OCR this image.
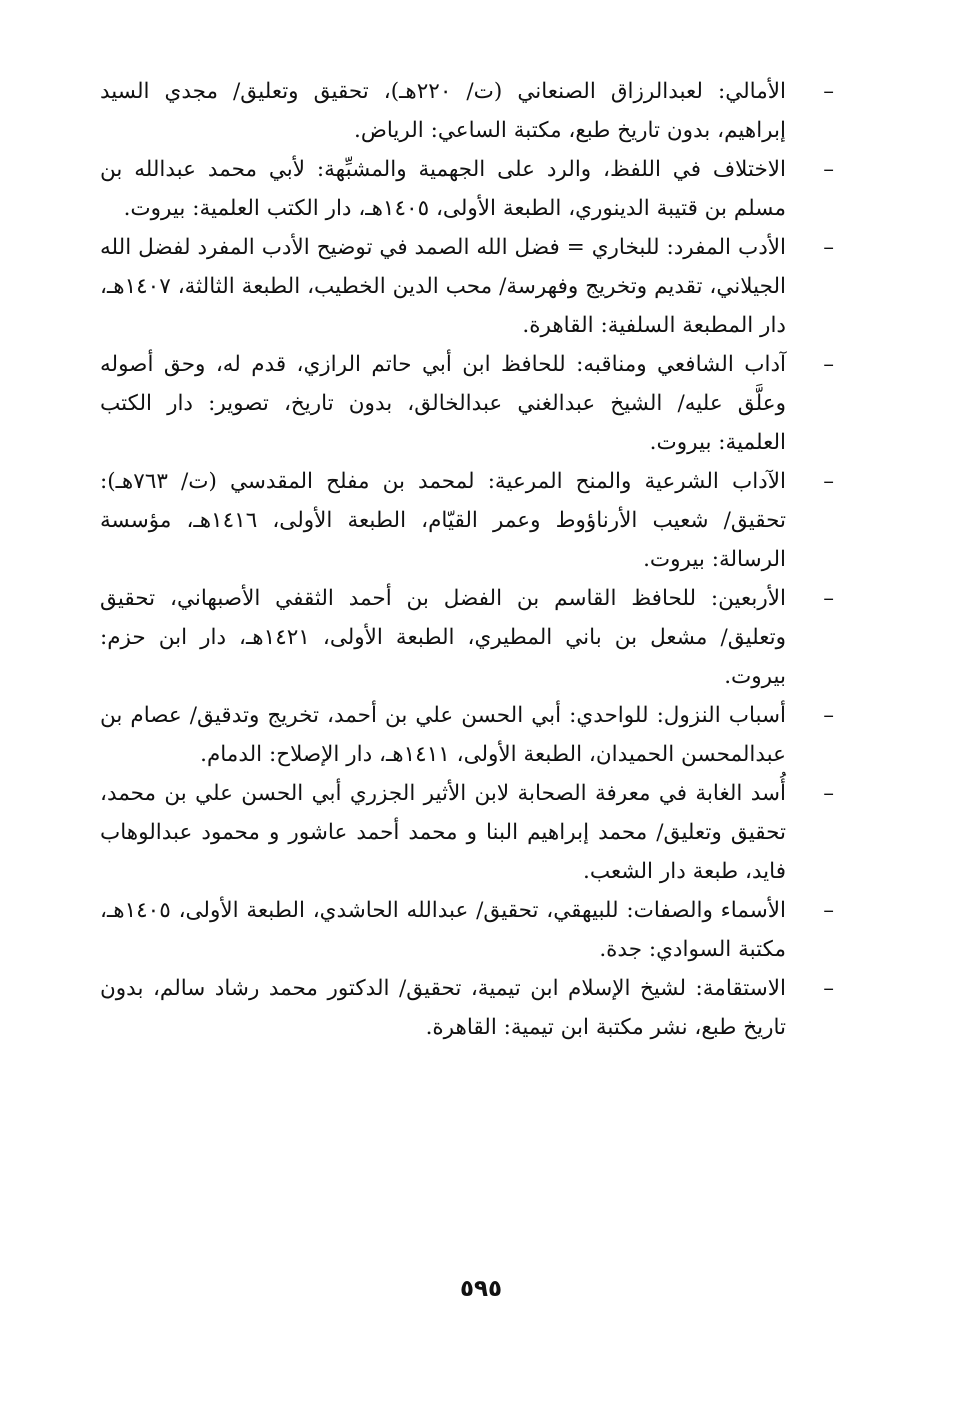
–
الأمالي: لعبدالرزاق الصنعاني (ت/ ٢٢٠هـ)، تحقيق وتعليق/ مجدي السيد إبراهيم، بدون تاريخ طبع، مكتبة الساعي: الرياض.

–
الاختلاف في اللفظ، والرد على الجهمية والمشبِّهة: لأبي محمد عبدالله بن مسلم بن قتيبة الدينوري، الطبعة الأولى، ١٤٠٥هـ، دار الكتب العلمية: بيروت.

–
الأدب المفرد: للبخاري = فضل الله الصمد في توضيح الأدب المفرد لفضل الله الجيلاني، تقديم وتخريج وفهرسة/ محب الدين الخطيب، الطبعة الثالثة، ١٤٠٧هـ، دار المطبعة السلفية: القاهرة.

–
آداب الشافعي ومناقبه: للحافظ ابن أبي حاتم الرازي، قدم له، وحق أصوله وعلَّق عليه/ الشيخ عبدالغني عبدالخالق، بدون تاريخ، تصوير: دار الكتب العلمية: بيروت.

–
الآداب الشرعية والمنح المرعية: لمحمد بن مفلح المقدسي (ت/ ٧٦٣هـ): تحقيق/ شعيب الأرناؤوط وعمر القيّام، الطبعة الأولى، ١٤١٦هـ، مؤسسة الرسالة: بيروت.

–
الأربعين: للحافظ القاسم بن الفضل بن أحمد الثقفي الأصبهاني، تحقيق وتعليق/ مشعل بن باني المطيري، الطبعة الأولى، ١٤٢١هـ، دار ابن حزم: بيروت.

–
أسباب النزول: للواحدي: أبي الحسن علي بن أحمد، تخريج وتدقيق/ عصام بن عبدالمحسن الحميدان، الطبعة الأولى، ١٤١١هـ، دار الإصلاح: الدمام.

–
أُسد الغابة في معرفة الصحابة لابن الأثير الجزري أبي الحسن علي بن محمد، تحقيق وتعليق/ محمد إبراهيم البنا و محمد أحمد عاشور و محمود عبدالوهاب فايد، طبعة دار الشعب.

–
الأسماء والصفات: للبيهقي، تحقيق/ عبدالله الحاشدي، الطبعة الأولى، ١٤٠٥هـ، مكتبة السوادي: جدة.

–
الاستقامة: لشيخ الإسلام ابن تيمية، تحقيق/ الدكتور محمد رشاد سالم، بدون تاريخ طبع، نشر مكتبة ابن تيمية: القاهرة.

٥٩٥
